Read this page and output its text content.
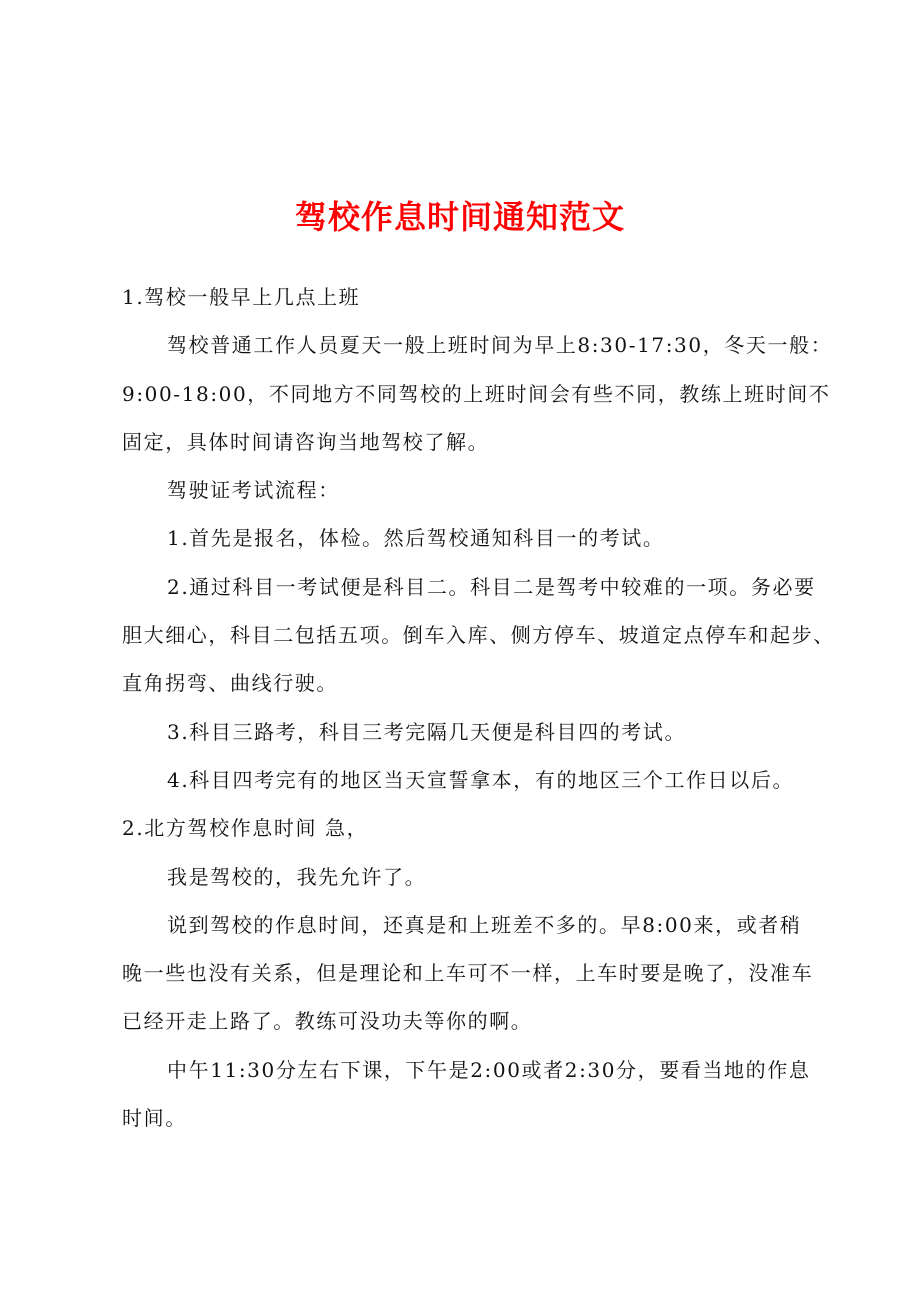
驾校作息时间通知范文
1.驾校一般早上几点上班
驾校普通工作人员夏天一般上班时间为早上8:30-17:30，冬天一般：
9:00-18:00，不同地方不同驾校的上班时间会有些不同，教练上班时间不
固定，具体时间请咨询当地驾校了解。
驾驶证考试流程：
1.首先是报名，体检。然后驾校通知科目一的考试。
2.通过科目一考试便是科目二。科目二是驾考中较难的一项。务必要
胆大细心，科目二包括五项。倒车入库、侧方停车、坡道定点停车和起步、
直角拐弯、曲线行驶。
3.科目三路考，科目三考完隔几天便是科目四的考试。
4.科目四考完有的地区当天宣誓拿本，有的地区三个工作日以后。
2.北方驾校作息时间 急，
我是驾校的，我先允许了。
说到驾校的作息时间，还真是和上班差不多的。早8:00来，或者稍
晚一些也没有关系，但是理论和上车可不一样，上车时要是晚了，没准车
已经开走上路了。教练可没功夫等你的啊。
中午11:30分左右下课，下午是2:00或者2:30分，要看当地的作息
时间。
